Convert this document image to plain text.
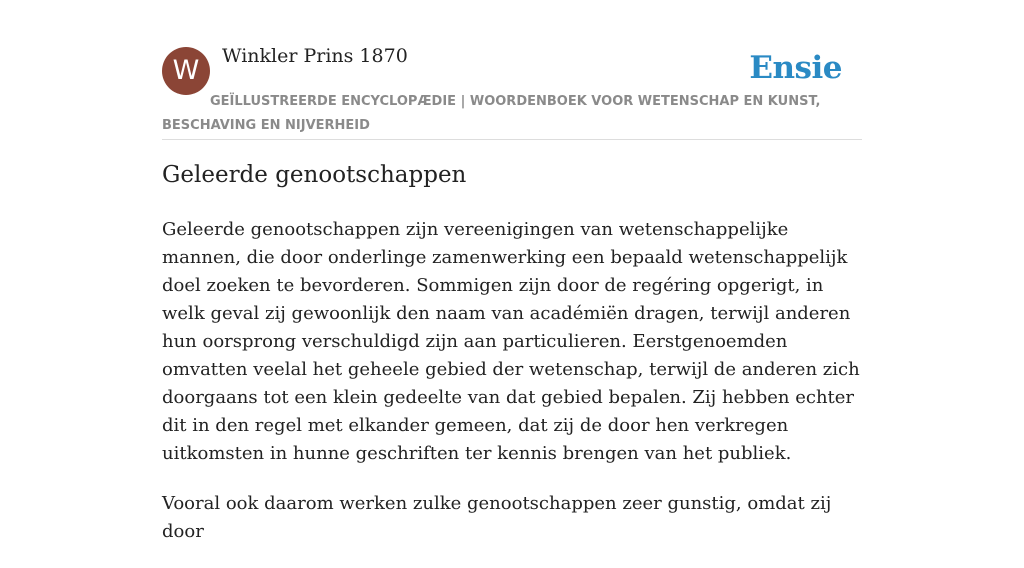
W	Winkler Prins 1870	Ensie
GEÏLLUSTREERDE ENCYCLOPÆDIE | WOORDENBOEK VOOR WETENSCHAP EN KUNST, BESCHAVING EN NIJVERHEID
Geleerde genootschappen

Geleerde genootschappen zijn vereenigingen van wetenschappelijke mannen, die door onderlinge zamenwerking een bepaald wetenschappelijk doel zoeken te bevorderen. Sommigen zijn door de regéring opgerigt, in welk geval zij gewoonlijk den naam van académiën dragen, terwijl anderen hun oorsprong verschuldigd zijn aan particulieren. Eerstgenoemden omvatten veelal het geheele gebied der wetenschap, terwijl de anderen zich doorgaans tot een klein gedeelte van dat gebied bepalen. Zij hebben echter dit in den regel met elkander gemeen, dat zij de door hen verkregen uitkomsten in hunne geschriften ter kennis brengen van het publiek.

Vooral ook daarom werken zulke genootschappen zeer gunstig, omdat zij door
